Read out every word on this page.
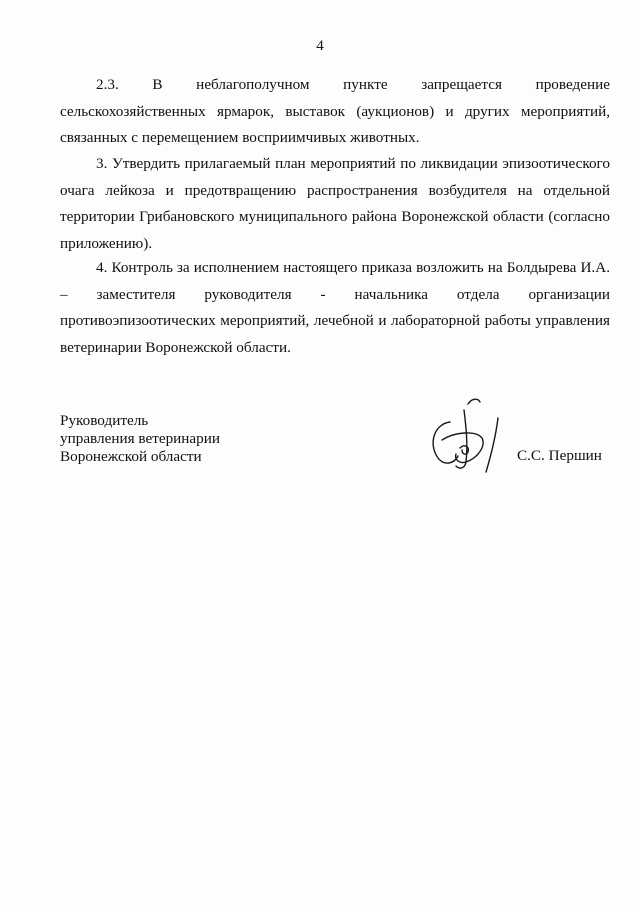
4

2.3. В неблагополучном пункте запрещается проведение сельскохозяйственных ярмарок, выставок (аукционов) и других мероприятий, связанных с перемещением восприимчивых животных.

3. Утвердить прилагаемый план мероприятий по ликвидации эпизоотического очага лейкоза и предотвращению распространения возбудителя на отдельной территории Грибановского муниципального района Воронежской области (согласно приложению).

4. Контроль за исполнением настоящего приказа возложить на Болдырева И.А. – заместителя руководителя - начальника отдела организации противоэпизоотических мероприятий, лечебной и лабораторной работы управления ветеринарии Воронежской области.

Руководитель
управления ветеринарии
Воронежской области	С.С. Першин
